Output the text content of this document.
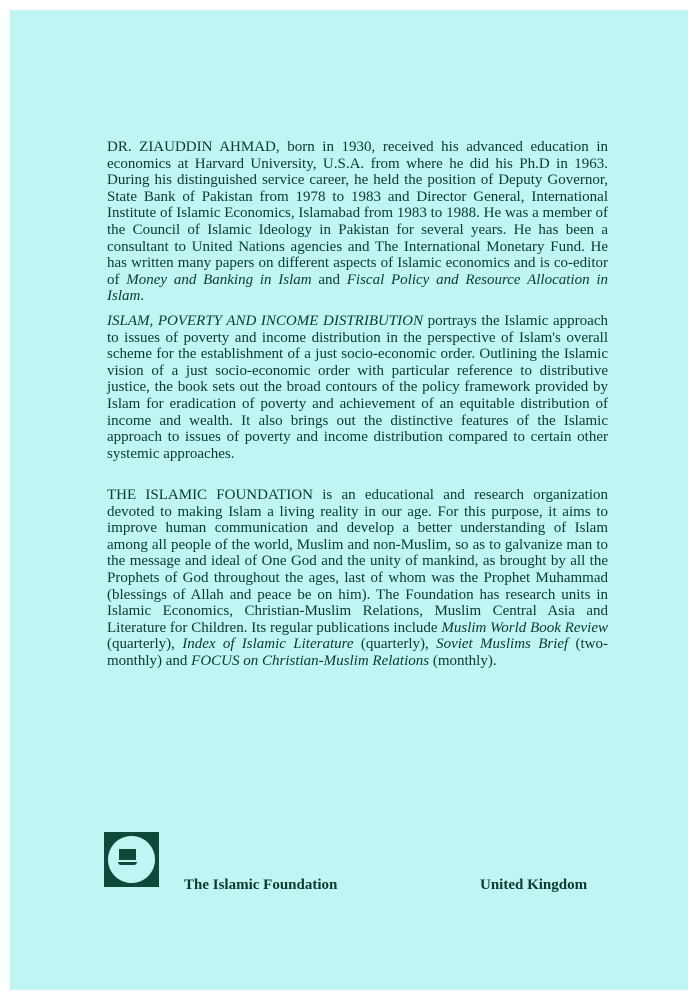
DR. ZIAUDDIN AHMAD, born in 1930, received his advanced education in economics at Harvard University, U.S.A. from where he did his Ph.D in 1963. During his distinguished service career, he held the position of Deputy Governor, State Bank of Pakistan from 1978 to 1983 and Director General, International Institute of Islamic Economics, Islamabad from 1983 to 1988. He was a member of the Council of Islamic Ideology in Pakistan for several years. He has been a consultant to United Nations agencies and The International Monetary Fund. He has written many papers on different aspects of Islamic economics and is co-editor of Money and Banking in Islam and Fiscal Policy and Resource Allocation in Islam.

ISLAM, POVERTY AND INCOME DISTRIBUTION portrays the Islamic approach to issues of poverty and income distribution in the perspective of Islam's overall scheme for the establishment of a just socio-economic order. Outlining the Islamic vision of a just socio-economic order with particular reference to distributive justice, the book sets out the broad contours of the policy framework provided by Islam for eradication of poverty and achievement of an equitable distribution of income and wealth. It also brings out the distinctive features of the Islamic approach to issues of poverty and income distribution compared to certain other systemic approaches.

THE ISLAMIC FOUNDATION is an educational and research organization devoted to making Islam a living reality in our age. For this purpose, it aims to improve human communication and develop a better understanding of Islam among all people of the world, Muslim and non-Muslim, so as to galvanize man to the message and ideal of One God and the unity of mankind, as brought by all the Prophets of God throughout the ages, last of whom was the Prophet Muhammad (blessings of Allah and peace be on him). The Foundation has research units in Islamic Economics, Christian-Muslim Relations, Muslim Central Asia and Literature for Children. Its regular publications include Muslim World Book Review (quarterly), Index of Islamic Literature (quarterly), Soviet Muslims Brief (two-monthly) and FOCUS on Christian-Muslim Relations (monthly).

The Islamic Foundation	United Kingdom
